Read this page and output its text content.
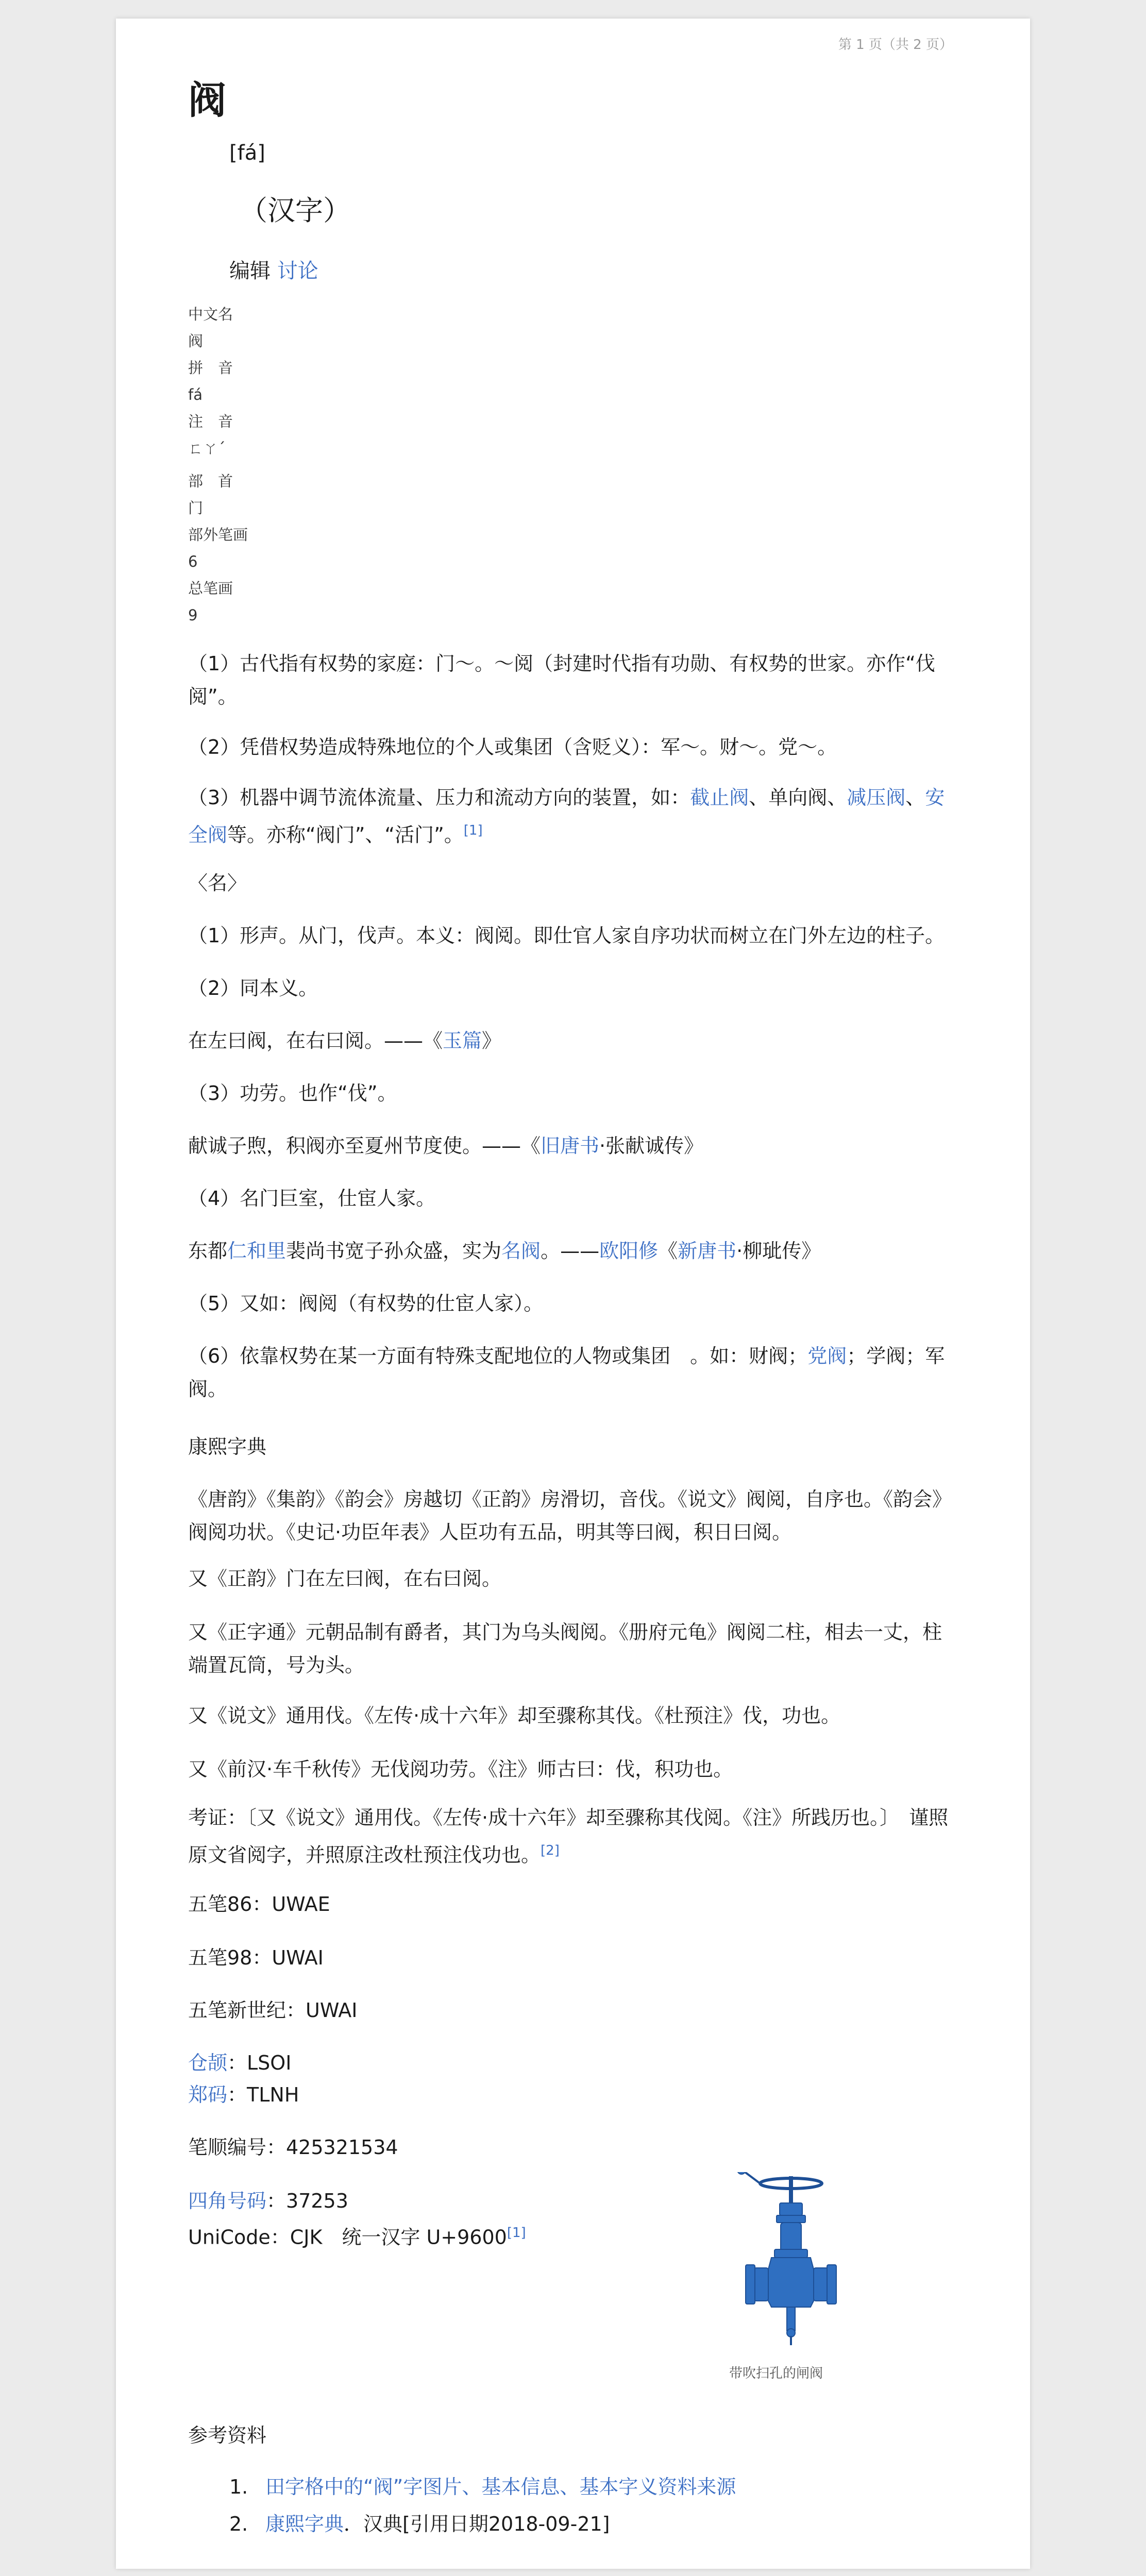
第 1 页（共 2 页）
阀
[fá]
（汉字）
编辑 讨论
中文名
阀
拼　音
fá
注　音
ㄈㄚˊ
部　首
门
部外笔画
6
总笔画
9

（1）古代指有权势的家庭：门～。～阅（封建时代指有功勋、有权势的世家。亦作“伐阅”。

（2）凭借权势造成特殊地位的个人或集团（含贬义）：军～。财～。党～。

（3）机器中调节流体流量、压力和流动方向的装置，如：截止阀、单向阀、减压阀、安全阀等。亦称“阀门”、“活门”。[1]

〈名〉

（1）形声。从门，伐声。本义：阀阅。即仕官人家自序功状而树立在门外左边的柱子。

（2）同本义。

在左曰阀，在右曰阅。——《玉篇》

（3）功劳。也作“伐”。

献诚子煦，积阀亦至夏州节度使。——《旧唐书·张献诚传》

（4）名门巨室，仕宦人家。

东都仁和里裴尚书宽子孙众盛，实为名阀。——欧阳修《新唐书·柳玼传》

（5）又如：阀阅（有权势的仕宦人家）。

（6）依靠权势在某一方面有特殊支配地位的人物或集团　。如：财阀；党阀；学阀；军阀。

康熙字典

《唐韵》《集韵》《韵会》房越切《正韵》房滑切，音伐。《说文》阀阅，自序也。《韵会》阀阅功状。《史记·功臣年表》人臣功有五品，明其等曰阀，积日曰阅。

又《正韵》门在左曰阀，在右曰阅。

又《正字通》元朝品制有爵者，其门为乌头阀阅。《册府元龟》阀阅二柱，相去一丈，柱端置瓦筒，号为头。

又《说文》通用伐。《左传·成十六年》却至骤称其伐。《杜预注》伐，功也。

又《前汉·车千秋传》无伐阅功劳。《注》师古曰：伐，积功也。

考证：〔又《说文》通用伐。《左传·成十六年》却至骤称其伐阅。《注》所践历也。〕　谨照原文省阅字，并照原注改杜预注伐功也。[2]

五笔86：UWAE

五笔98：UWAI

五笔新世纪：UWAI

仓颉：LSOI

郑码：TLNH

笔顺编号：425321534

四角号码：37253

UniCode：CJK　统一汉字 U+9600[1]

带吹扫孔的闸阀
参考资料
1. 田字格中的“阀”字图片、基本信息、基本字义资料来源
2. 康熙字典．汉典[引用日期2018-09-21]
